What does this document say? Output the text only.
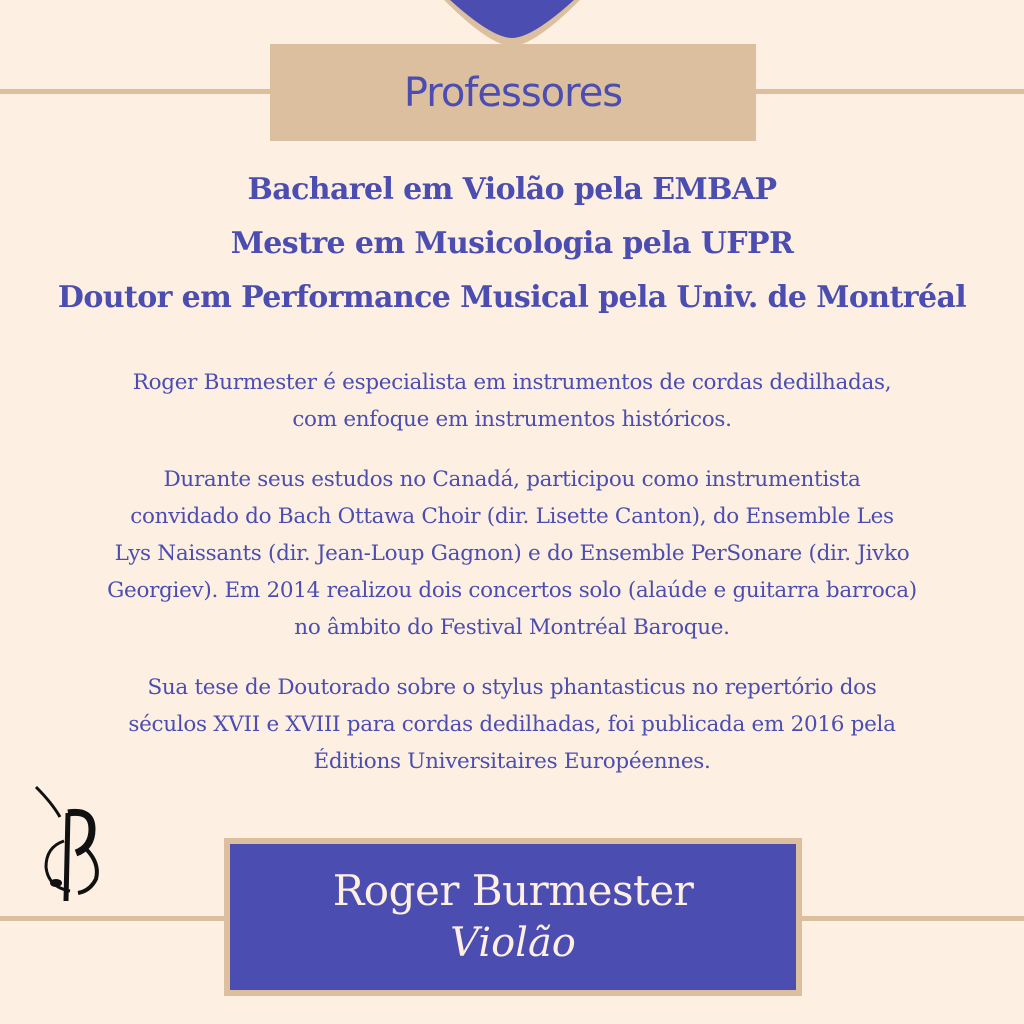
Professores
Bacharel em Violão pela EMBAP
Mestre em Musicologia pela UFPR
Doutor em Performance Musical pela Univ. de Montréal

Roger Burmester é especialista em instrumentos de cordas dedilhadas,
com enfoque em instrumentos históricos.

Durante seus estudos no Canadá, participou como instrumentista
convidado do Bach Ottawa Choir (dir. Lisette Canton), do Ensemble Les
Lys Naissants (dir. Jean-Loup Gagnon) e do Ensemble PerSonare (dir. Jivko
Georgiev). Em 2014 realizou dois concertos solo (alaúde e guitarra barroca)
no âmbito do Festival Montréal Baroque.

Sua tese de Doutorado sobre o stylus phantasticus no repertório dos
séculos XVII e XVIII para cordas dedilhadas, foi publicada em 2016 pela
Éditions Universitaires Européennes.

Roger Burmester
Violão
